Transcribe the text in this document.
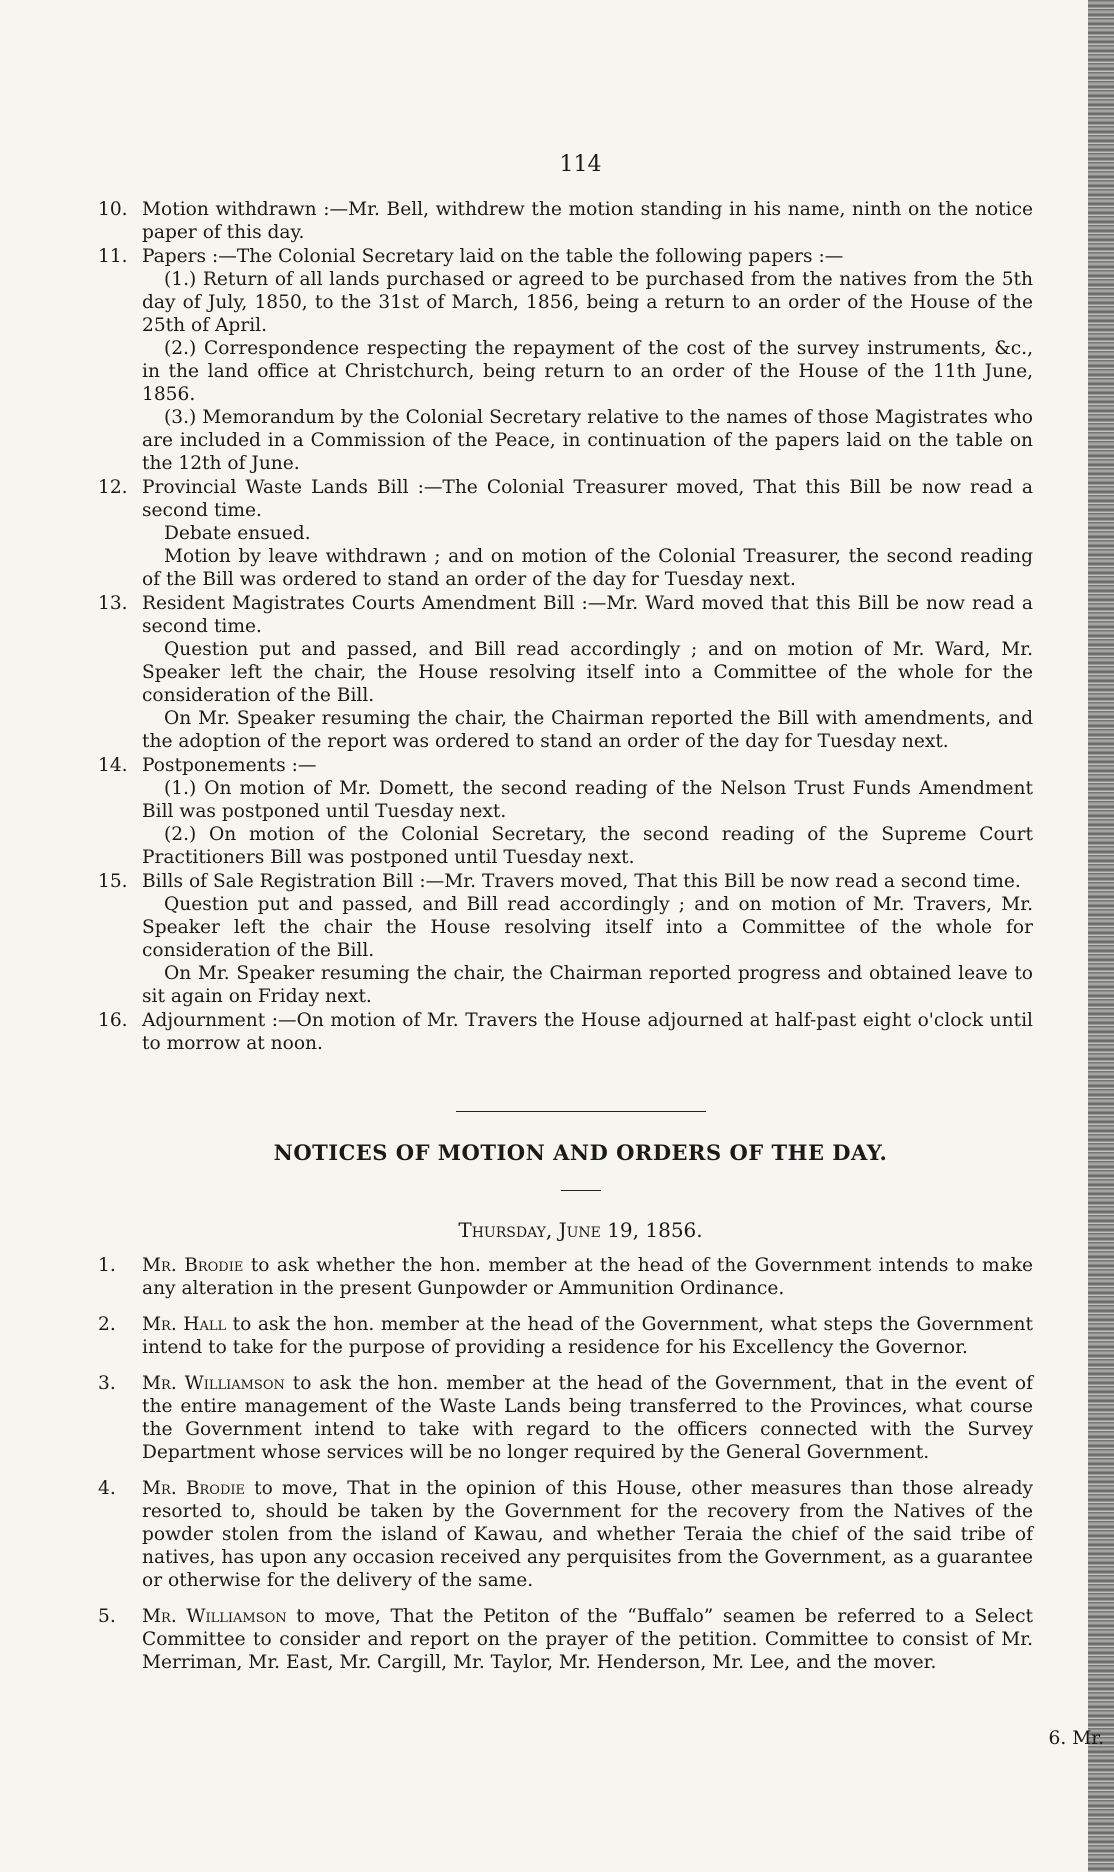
114
10. Motion withdrawn :—Mr. Bell, withdrew the motion standing in his name, ninth on the notice paper of this day.

11. Papers :—The Colonial Secretary laid on the table the following papers :—

(1.) Return of all lands purchased or agreed to be purchased from the natives from the 5th day of July, 1850, to the 31st of March, 1856, being a return to an order of the House of the 25th of April.

(2.) Correspondence respecting the repayment of the cost of the survey instruments, &c., in the land office at Christchurch, being return to an order of the House of the 11th June, 1856.

(3.) Memorandum by the Colonial Secretary relative to the names of those Magistrates who are included in a Commission of the Peace, in continuation of the papers laid on the table on the 12th of June.

12. Provincial Waste Lands Bill :—The Colonial Treasurer moved, That this Bill be now read a second time.

Debate ensued.

Motion by leave withdrawn ; and on motion of the Colonial Treasurer, the second reading of the Bill was ordered to stand an order of the day for Tuesday next.

13. Resident Magistrates Courts Amendment Bill :—Mr. Ward moved that this Bill be now read a second time.

Question put and passed, and Bill read accordingly ; and on motion of Mr. Ward, Mr. Speaker left the chair, the House resolving itself into a Committee of the whole for the consideration of the Bill.

On Mr. Speaker resuming the chair, the Chairman reported the Bill with amendments, and the adoption of the report was ordered to stand an order of the day for Tuesday next.

14. Postponements :—

(1.) On motion of Mr. Domett, the second reading of the Nelson Trust Funds Amendment Bill was postponed until Tuesday next.

(2.) On motion of the Colonial Secretary, the second reading of the Supreme Court Practitioners Bill was postponed until Tuesday next.

15. Bills of Sale Registration Bill :—Mr. Travers moved, That this Bill be now read a second time.

Question put and passed, and Bill read accordingly ; and on motion of Mr. Travers, Mr. Speaker left the chair the House resolving itself into a Committee of the whole for consideration of the Bill.

On Mr. Speaker resuming the chair, the Chairman reported progress and obtained leave to sit again on Friday next.

16. Adjournment :—On motion of Mr. Travers the House adjourned at half-past eight o'clock until to morrow at noon.

NOTICES OF MOTION AND ORDERS OF THE DAY.

Thursday, June 19, 1856.

1. Mr. Brodie to ask whether the hon. member at the head of the Government intends to make any alteration in the present Gunpowder or Ammunition Ordinance.

2. Mr. Hall to ask the hon. member at the head of the Government, what steps the Government intend to take for the purpose of providing a residence for his Excellency the Governor.

3. Mr. Williamson to ask the hon. member at the head of the Government, that in the event of the entire management of the Waste Lands being transferred to the Provinces, what course the Government intend to take with regard to the officers connected with the Survey Department whose services will be no longer required by the General Government.

4. Mr. Brodie to move, That in the opinion of this House, other measures than those already resorted to, should be taken by the Government for the recovery from the Natives of the powder stolen from the island of Kawau, and whether Teraia the chief of the said tribe of natives, has upon any occasion received any perquisites from the Government, as a guarantee or otherwise for the delivery of the same.

5. Mr. Williamson to move, That the Petiton of the “Buffalo” seamen be referred to a Select Committee to consider and report on the prayer of the petition. Committee to consist of Mr. Merriman, Mr. East, Mr. Cargill, Mr. Taylor, Mr. Henderson, Mr. Lee, and the mover.

6. Mr.
